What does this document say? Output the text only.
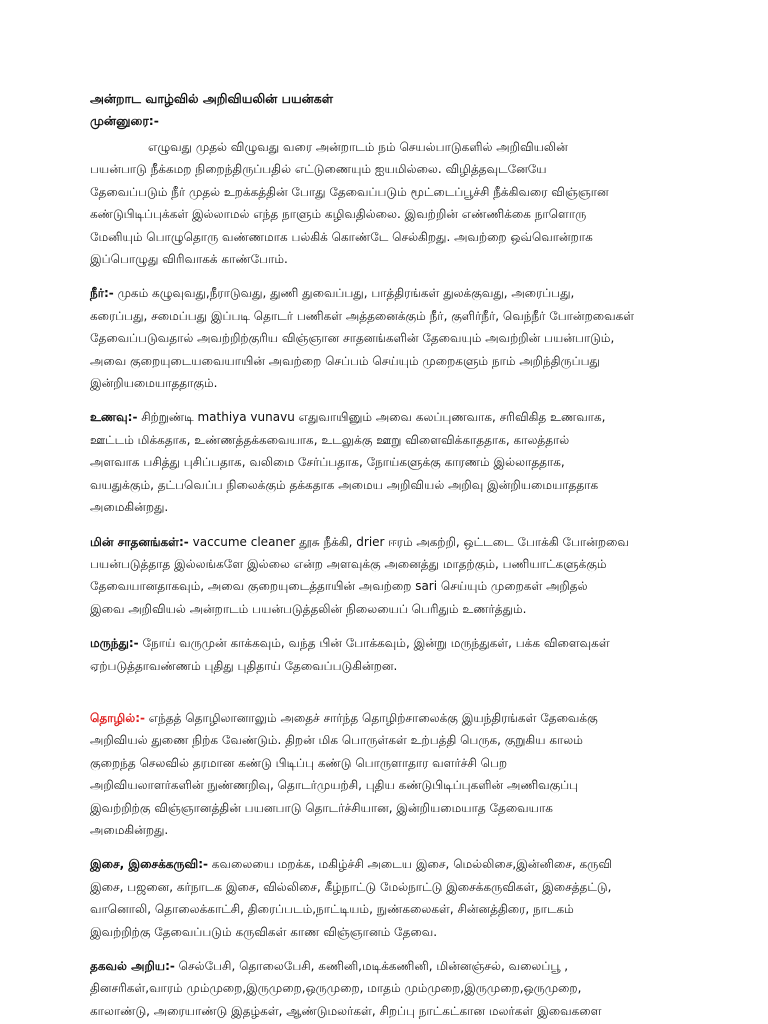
அன்றாட வாழ்வில் அறிவியலின் பயன்கள்

முன்னுரை:-

எழுவது முதல் விழுவது வரை அன்றாடம் நம் செயல்பாடுகளில் அறிவியலின்
பயன்பாடு நீக்கமற நிறைந்திருப்பதில் எட்டுணையும் ஐயமில்லை. விழித்தவுடனேயே
தேவைப்படும் நீர் முதல் உறக்கத்தின் போது தேவைப்படும் மூட்டைப்பூச்சி நீக்கிவரை விஞ்ஞான
கண்டுபிடிப்புக்கள் இல்லாமல் எந்த நாளும் கழிவதில்லை. இவற்றின் எண்ணிக்கை நாளொரு
மேனியும் பொழுதொரு வண்ணமாக பல்கிக் கொண்டே செல்கிறது. அவற்றை ஒவ்வொன்றாக
இப்பொழுது விரிவாகக் காண்போம்.
நீர்:- முகம் கழுவுவது,நீராடுவது, துணி துவைப்பது, பாத்திரங்கள் துலக்குவது, அரைப்பது,
கரைப்பது, சமைப்பது இப்படி தொடர் பணிகள் அத்தனைக்கும் நீர், குளிர்நீர், வெந்நீர் போன்றவைகள்
தேவைப்படுவதால் அவற்றிற்குரிய விஞ்ஞான சாதனங்களின் தேவையும் அவற்றின் பயன்பாடும்,
அவை குறையுடையவையாயின் அவற்றை செப்பம் செய்யும் முறைகளும் நாம் அறிந்திருப்பது
இன்றியமையாததாகும்.
உணவு:- சிற்றுண்டி mathiya vunavu எதுவாயினும் அவை கலப்புணவாக, சரிவிகித உணவாக,
ஊட்டம் மிக்கதாக, உண்ணத்தக்கவையாக, உடலுக்கு ஊறு விளைவிக்காததாக, காலத்தால்
அளவாக பசித்து புசிப்பதாக, வலிமை சேர்ப்பதாக, நோய்களுக்கு காரணம் இல்லாததாக,
வயதுக்கும், தட்பவெப்ப நிலைக்கும் தக்கதாக அமைய அறிவியல் அறிவு இன்றியமையாததாக
அமைகின்றது.
மின் சாதனங்கள்:- vaccume cleaner தூசு நீக்கி, drier ஈரம் அகற்றி, ஒட்டடை போக்கி போன்றவை
பயன்படுத்தாத இல்லங்களே இல்லை என்ற அளவுக்கு அனைத்து மாதற்கும், பணியாட்களுக்கும்
தேவையானதாகவும், அவை குறையுடைத்தாயின் அவற்றை sari செய்யும் முறைகள் அறிதல்
இவை அறிவியல் அன்றாடம் பயன்படுத்தலின் நிலையைப் பெரிதும் உணர்த்தும்.
மருந்து:- நோய் வருமுன் காக்கவும், வந்த பின் போக்கவும், இன்று மருந்துகள், பக்க விளைவுகள்
ஏற்படுத்தாவண்ணம் புதிது புதிதாய் தேவைப்படுகின்றன.
தொழில்:- எந்தத் தொழிலானாலும் அதைச் சார்ந்த தொழிற்சாலைக்கு இயந்திரங்கள் தேவைக்கு
அறிவியல் துணை நிற்க வேண்டும். திறன் மிக பொருள்கள் உற்பத்தி பெருக, குறுகிய காலம்
குறைந்த செலவில் தரமான கண்டு பிடிப்பு கண்டு பொருளாதார வளர்ச்சி பெற
அறிவியலாளர்களின் நுண்ணறிவு, தொடர்முயற்சி, புதிய கண்டுபிடிப்புகளின் அணிவகுப்பு
இவற்றிற்கு விஞ்ஞானத்தின் பயனபாடு தொடர்ச்சியான, இன்றியமையாத தேவையாக
அமைகின்றது.
இசை, இசைக்கருவி:- கவலையை மறக்க, மகிழ்ச்சி அடைய இசை, மெல்லிசை,இன்னிசை, கருவி
இசை, பஜனை, கர்நாடக இசை, வில்லிசை, கீழ்நாட்டு மேல்நாட்டு இசைக்கருவிகள், இசைத்தட்டு,
வானொலி, தொலைக்காட்சி, திரைப்படம்,நாட்டியம், நுண்கலைகள், சின்னத்திரை, நாடகம்
இவற்றிற்கு தேவைப்படும் கருவிகள் காண விஞ்ஞானம் தேவை.
தகவல் அறிய:- செல்பேசி, தொலைபேசி, கணினி,மடிக்கணினி, மின்னஞ்சல், வலைப்பூ ,
தினசரிகள்,வாரம் மும்முறை,இருமுறை,ஒருமுறை, மாதம் மும்முறை,இருமுறை,ஒருமுறை,
காலாண்டு, அரையாண்டு இதழ்கள், ஆண்டுமலர்கள், சிறப்பு நாட்கட்கான மலர்கள் இவைகளை
